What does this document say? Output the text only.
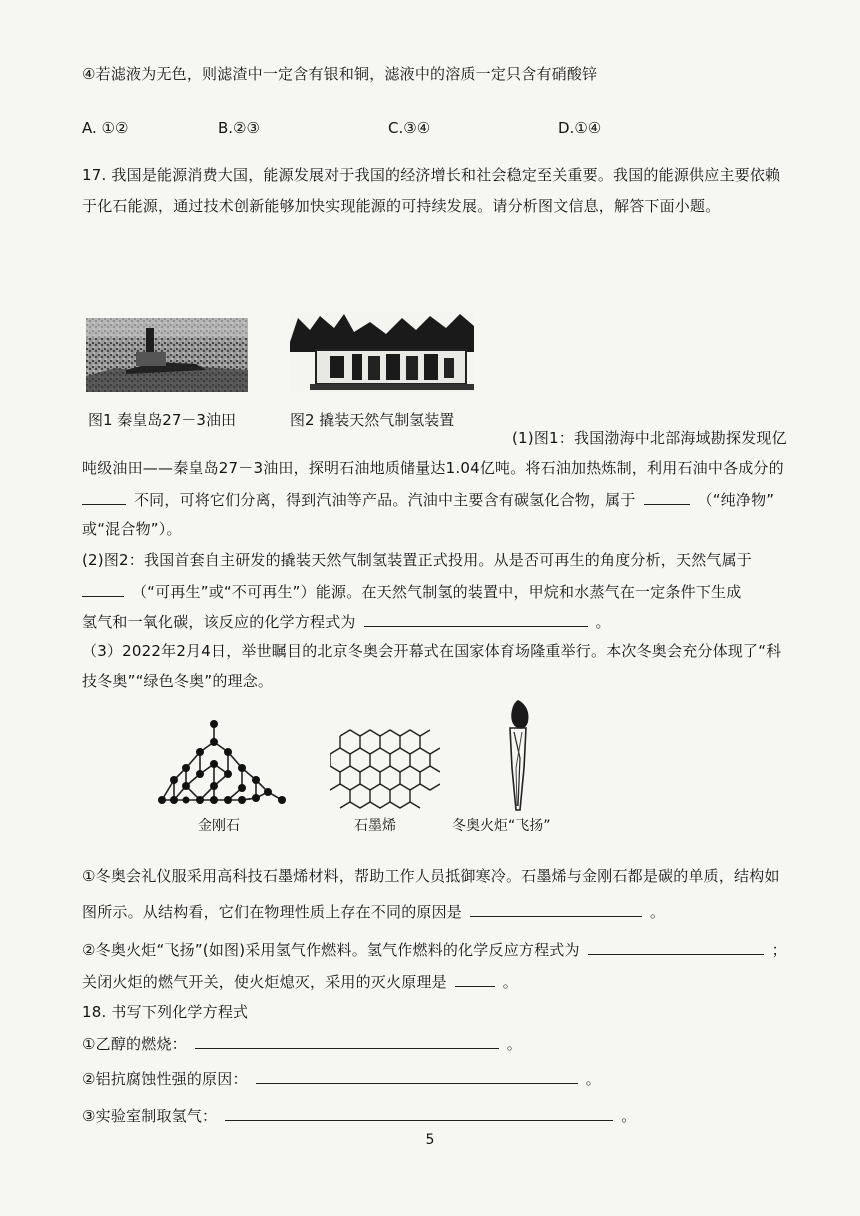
④若滤液为无色，则滤渣中一定含有银和铜，滤液中的溶质一定只含有硝酸锌
A. ①②	B.②③	C.③④	D.①④
17. 我国是能源消费大国，能源发展对于我国的经济增长和社会稳定至关重要。我国的能源供应主要依赖
于化石能源，通过技术创新能够加快实现能源的可持续发展。请分析图文信息，解答下面小题。
图1 秦皇岛27－3油田	图2 撬装天然气制氢装置
(1)图1：我国渤海中北部海域勘探发现亿
吨级油田——秦皇岛27－3油田，探明石油地质储量达1.04亿吨。将石油加热炼制，利用石油中各成分的
不同，可将它们分离，得到汽油等产品。汽油中主要含有碳氢化合物，属于	（“纯净物”
或“混合物”）。
(2)图2：我国首套自主研发的撬装天然气制氢装置正式投用。从是否可再生的角度分析，天然气属于
（“可再生”或“不可再生”）能源。在天然气制氢的装置中，甲烷和水蒸气在一定条件下生成
氢气和一氧化碳，该反应的化学方程式为	。
（3）2022年2月4日，举世瞩目的北京冬奥会开幕式在国家体育场隆重举行。本次冬奥会充分体现了“科
技冬奥”“绿色冬奥”的理念。
金刚石	石墨烯	冬奥火炬“飞扬”
①冬奥会礼仪服采用高科技石墨烯材料，帮助工作人员抵御寒冷。石墨烯与金刚石都是碳的单质，结构如
图所示。从结构看，它们在物理性质上存在不同的原因是	。
②冬奥火炬“飞扬”(如图)采用氢气作燃料。氢气作燃料的化学反应方程式为	；
关闭火炬的燃气开关，使火炬熄灭，采用的灭火原理是	。
18. 书写下列化学方程式
①乙醇的燃烧：	。
②铝抗腐蚀性强的原因：	。
③实验室制取氢气：	。
5
